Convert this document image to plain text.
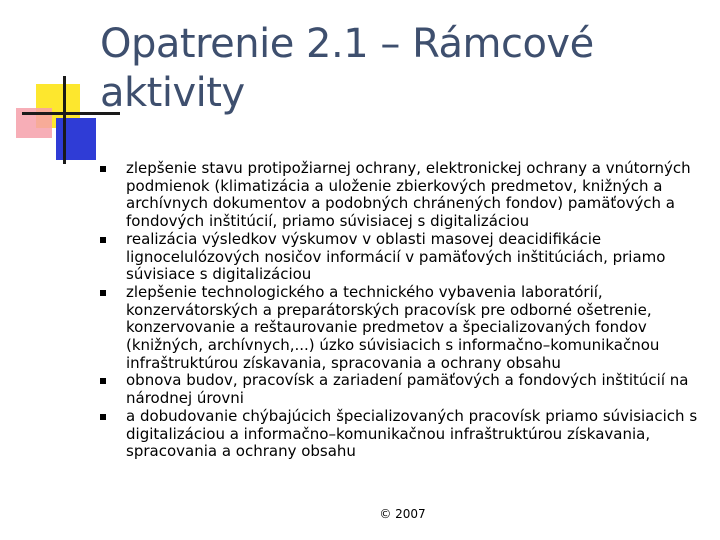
Opatrenie 2.1 – Rámcové aktivity
zlepšenie stavu protipožiarnej ochrany, elektronickej ochrany a vnútorných podmienok (klimatizácia a uloženie zbierkových predmetov, knižných a archívnych dokumentov a podobných chránených fondov) pamäťových a fondových inštitúcií, priamo súvisiacej s digitalizáciou
realizácia výsledkov výskumov v oblasti masovej deacidifikácie lignocelulózových nosičov informácií v pamäťových inštitúciách, priamo súvisiace s digitalizáciou
zlepšenie technologického a technického vybavenia laboratórií, konzervátorských a preparátorských pracovísk pre odborné ošetrenie, konzervovanie a reštaurovanie predmetov a špecializovaných fondov (knižných, archívnych,...) úzko súvisiacich s informačno–komunikačnou infraštruktúrou získavania, spracovania a ochrany obsahu
obnova budov, pracovísk a zariadení pamäťových a fondových inštitúcií na národnej úrovni
a dobudovanie chýbajúcich špecializovaných pracovísk priamo súvisiacich s digitalizáciou a informačno–komunikačnou infraštruktúrou získavania, spracovania a ochrany obsahu
© 2007
